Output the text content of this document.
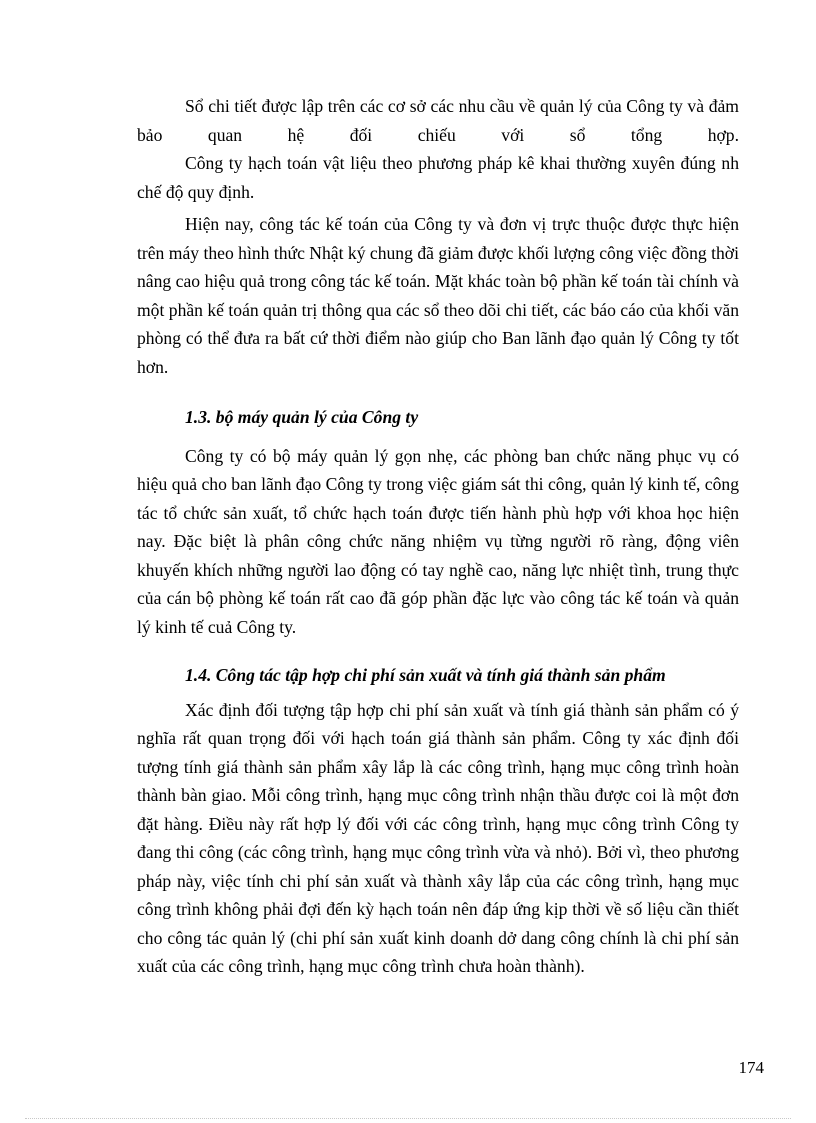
Sổ chi tiết được lập trên các cơ sở các nhu cầu về quản lý của Công ty và đảm bảo quan hệ đối chiếu với sổ tổng hợp.

Công ty hạch toán vật liệu theo phương pháp kê khai thường xuyên đúng nh chế độ quy định.

Hiện nay, công tác kế toán của Công ty và đơn vị trực thuộc được thực hiện trên máy theo hình thức Nhật ký chung đã giảm được khối lượng công việc đồng thời nâng cao hiệu quả trong công tác kế toán. Mặt khác toàn bộ phần kế toán tài chính và một phần kế toán quản trị thông qua các sổ theo dõi chi tiết, các báo cáo của khối văn phòng có thể đưa ra bất cứ thời điểm nào giúp cho Ban lãnh đạo quản lý Công ty tốt hơn.

1.3. bộ máy quản lý của Công ty

Công ty có bộ máy quản lý gọn nhẹ, các phòng ban chức năng phục vụ có hiệu quả cho ban lãnh đạo Công ty trong việc giám sát thi công, quản lý kinh tế, công tác tổ chức sản xuất, tổ chức hạch toán được tiến hành phù hợp với khoa học hiện nay. Đặc biệt là phân công chức năng nhiệm vụ từng người rõ ràng, động viên khuyến khích những người lao động có tay nghề cao, năng lực nhiệt tình, trung thực của cán bộ phòng kế toán rất cao đã góp phần đặc lực vào công tác kế toán và quản lý kinh tế cuả Công ty.

1.4. Công tác tập hợp chi phí sản xuất và tính giá thành sản phẩm

Xác định đối tượng tập hợp chi phí sản xuất và tính giá thành sản phẩm có ý nghĩa rất quan trọng đối với hạch toán giá thành sản phẩm. Công ty xác định đối tượng tính giá thành sản phẩm xây lắp là các công trình, hạng mục công trình hoàn thành bàn giao. Mỗi công trình, hạng mục công trình nhận thầu được coi là một đơn đặt hàng. Điều này rất hợp lý đối với các công trình, hạng mục công trình Công ty đang thi công (các công trình, hạng mục công trình vừa và nhỏ). Bởi vì, theo phương pháp này, việc tính chi phí sản xuất và thành xây lắp của các công trình, hạng mục công trình không phải đợi đến kỳ hạch toán nên đáp ứng kịp thời về số liệu cần thiết cho công tác quản lý (chi phí sản xuất kinh doanh dở dang công chính là chi phí sản xuất của các công trình, hạng mục công trình chưa hoàn thành).

174
